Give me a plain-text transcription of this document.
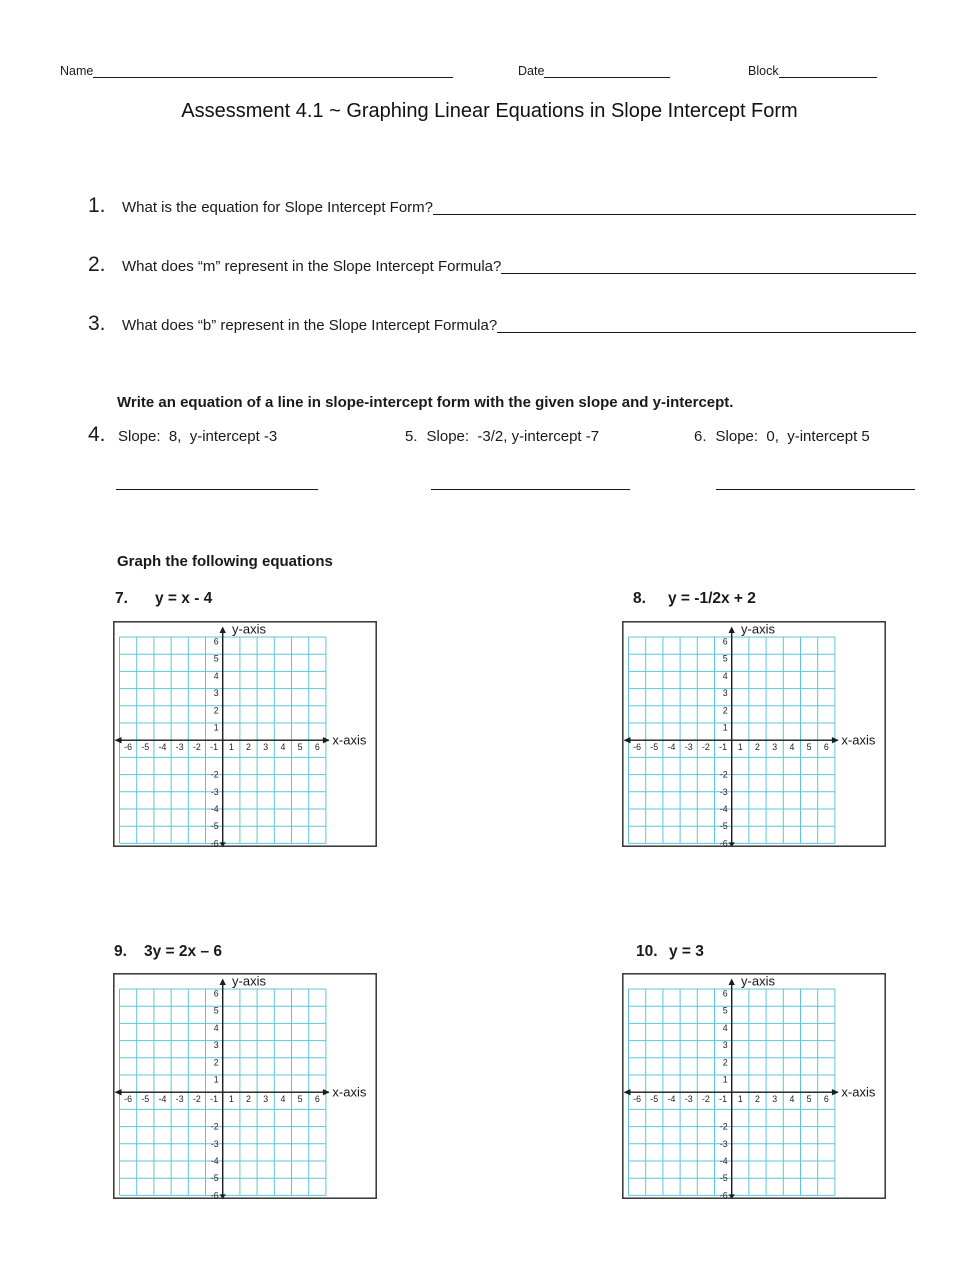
Name	Date	Block
Assessment 4.1 ~ Graphing Linear Equations in Slope Intercept Form
1.	What is the equation for Slope Intercept Form?
2.	What does “m” represent in the Slope Intercept Formula?
3.	What does “b” represent in the Slope Intercept Formula?
Write an equation of a line in slope-intercept form with the given slope and y-intercept.
4. Slope:  8,  y-intercept -3	5. Slope:  -3/2, y-intercept -7	6. Slope:  0,  y-intercept 5
Graph the following equations
7.	y = x - 4	8.	y = -1/2x + 2
9.	3y = 2x – 6	10. y = 3
-6 -5 -4 -3 -2 -1 1 2 3 4 5 6
6
5
4
3
2
1
-2
-3
-4
-5
-6
y-axis
x-axis	-6 -5 -4 -3 -2 -1 1 2 3 4 5 6
6
5
4
3
2
1
-2
-3
-4
-5
-6
y-axis
x-axis
-6 -5 -4 -3 -2 -1 1 2 3 4 5 6
6
5
4
3
2
1
-2
-3
-4
-5
-6
y-axis
x-axis	-6 -5 -4 -3 -2 -1 1 2 3 4 5 6
6
5
4
3
2
1
-2
-3
-4
-5
-6
y-axis
x-axis
